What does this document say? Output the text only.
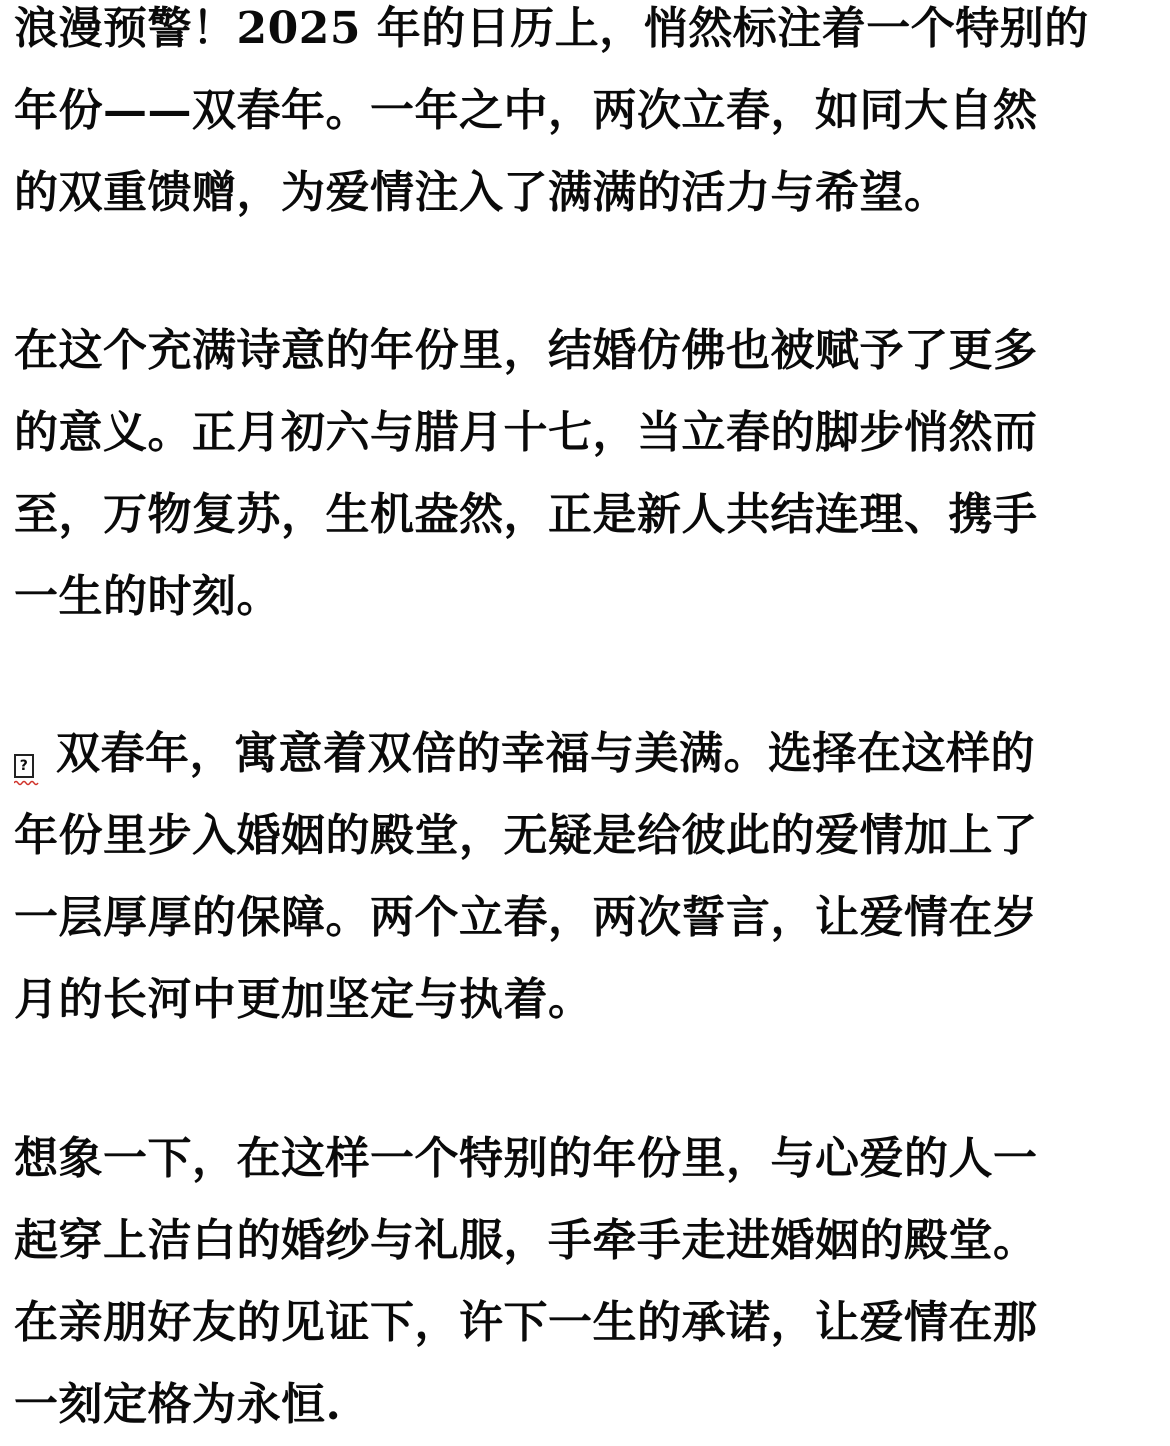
浪漫预警！2025 年的日历上，悄然标注着一个特别的
年份——双春年。一年之中，两次立春，如同大自然
的双重馈赠，为爱情注入了满满的活力与希望。
在这个充满诗意的年份里，结婚仿佛也被赋予了更多
的意义。正月初六与腊月十七，当立春的脚步悄然而
至，万物复苏，生机盎然，正是新人共结连理、携手
一生的时刻。
? 双春年，寓意着双倍的幸福与美满。选择在这样的
年份里步入婚姻的殿堂，无疑是给彼此的爱情加上了
一层厚厚的保障。两个立春，两次誓言，让爱情在岁
月的长河中更加坚定与执着。
想象一下，在这样一个特别的年份里，与心爱的人一
起穿上洁白的婚纱与礼服，手牵手走进婚姻的殿堂。
在亲朋好友的见证下，许下一生的承诺，让爱情在那
一刻定格为永恒.
